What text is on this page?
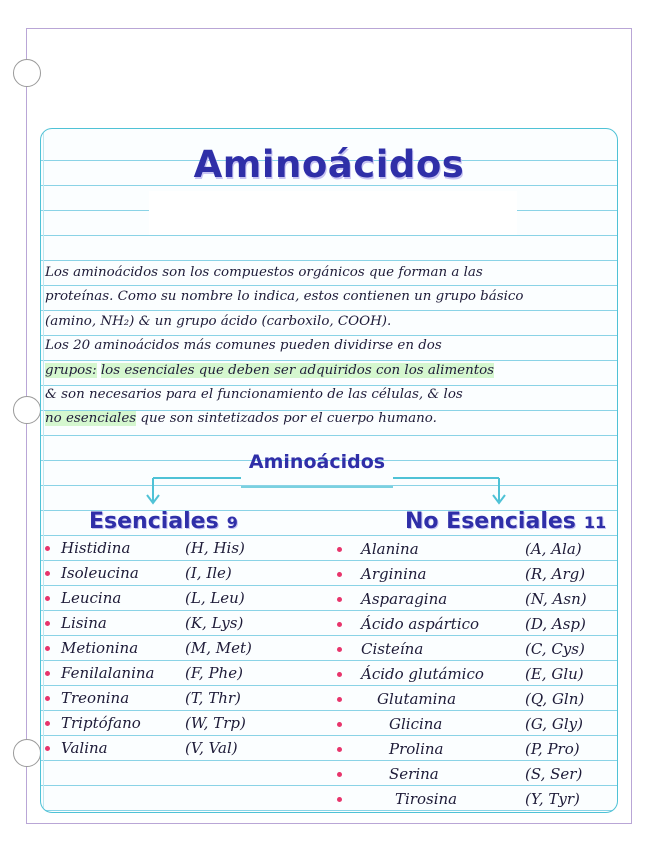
Aminoácidos

Los aminoácidos son los compuestos orgánicos que forman a las

proteínas. Como su nombre lo indica, estos contienen un grupo básico

(amino, NH₂) & un grupo ácido (carboxilo, COOH).

Los 20 aminoácidos más comunes pueden dividirse en dos

grupos: los esenciales que deben ser adquiridos con los alimentos

& son necesarios para el funcionamiento de las células, & los

no esenciales que son sintetizados por el cuerpo humano.

Aminoácidos
Esenciales 9	No Esenciales 11
Histidina	(H, His)
Isoleucina	(I, Ile)
Leucina	(L, Leu)
Lisina	(K, Lys)
Metionina	(M, Met)
Fenilalanina (F, Phe)
Treonina	(T, Thr)
Triptófano	(W, Trp)
Valina	(V, Val)
Alanina	(A, Ala)
Arginina	(R, Arg)
Asparagina	(N, Asn)
Ácido aspártico	(D, Asp)
Cisteína	(C, Cys)
Ácido glutámico	(E, Glu)
Glutamina	(Q, Gln)
Glicina	(G, Gly)
Prolina	(P, Pro)
Serina	(S, Ser)
Tirosina	(Y, Tyr)
